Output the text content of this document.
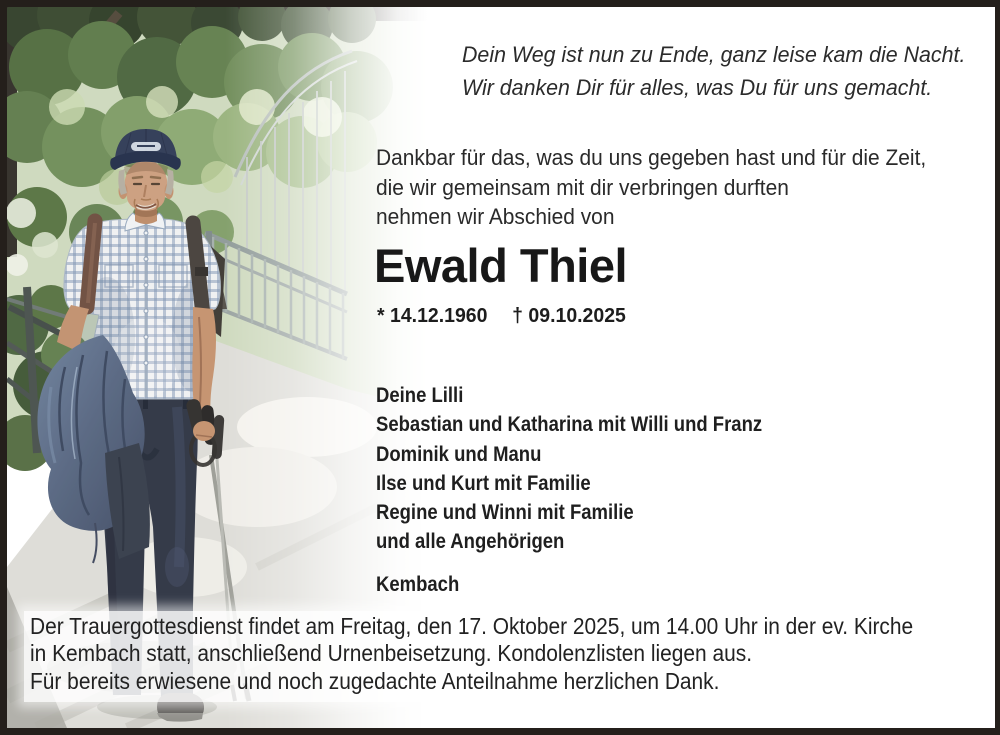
Dein Weg ist nun zu Ende, ganz leise kam die Nacht.
Wir danken Dir für alles, was Du für uns gemacht.
Dankbar für das, was du uns gegeben hast und für die Zeit,
die wir gemeinsam mit dir verbringen durften
nehmen wir Abschied von
Ewald Thiel
* 14.12.1960 † 09.10.2025
Deine Lilli
Sebastian und Katharina mit Willi und Franz
Dominik und Manu
Ilse und Kurt mit Familie
Regine und Winni mit Familie
und alle Angehörigen
Kembach
Der Trauergottesdienst findet am Freitag, den 17. Oktober 2025, um 14.00 Uhr in der ev. Kirche
in Kembach statt, anschließend Urnenbeisetzung. Kondolenzlisten liegen aus.
Für bereits erwiesene und noch zugedachte Anteilnahme herzlichen Dank.
